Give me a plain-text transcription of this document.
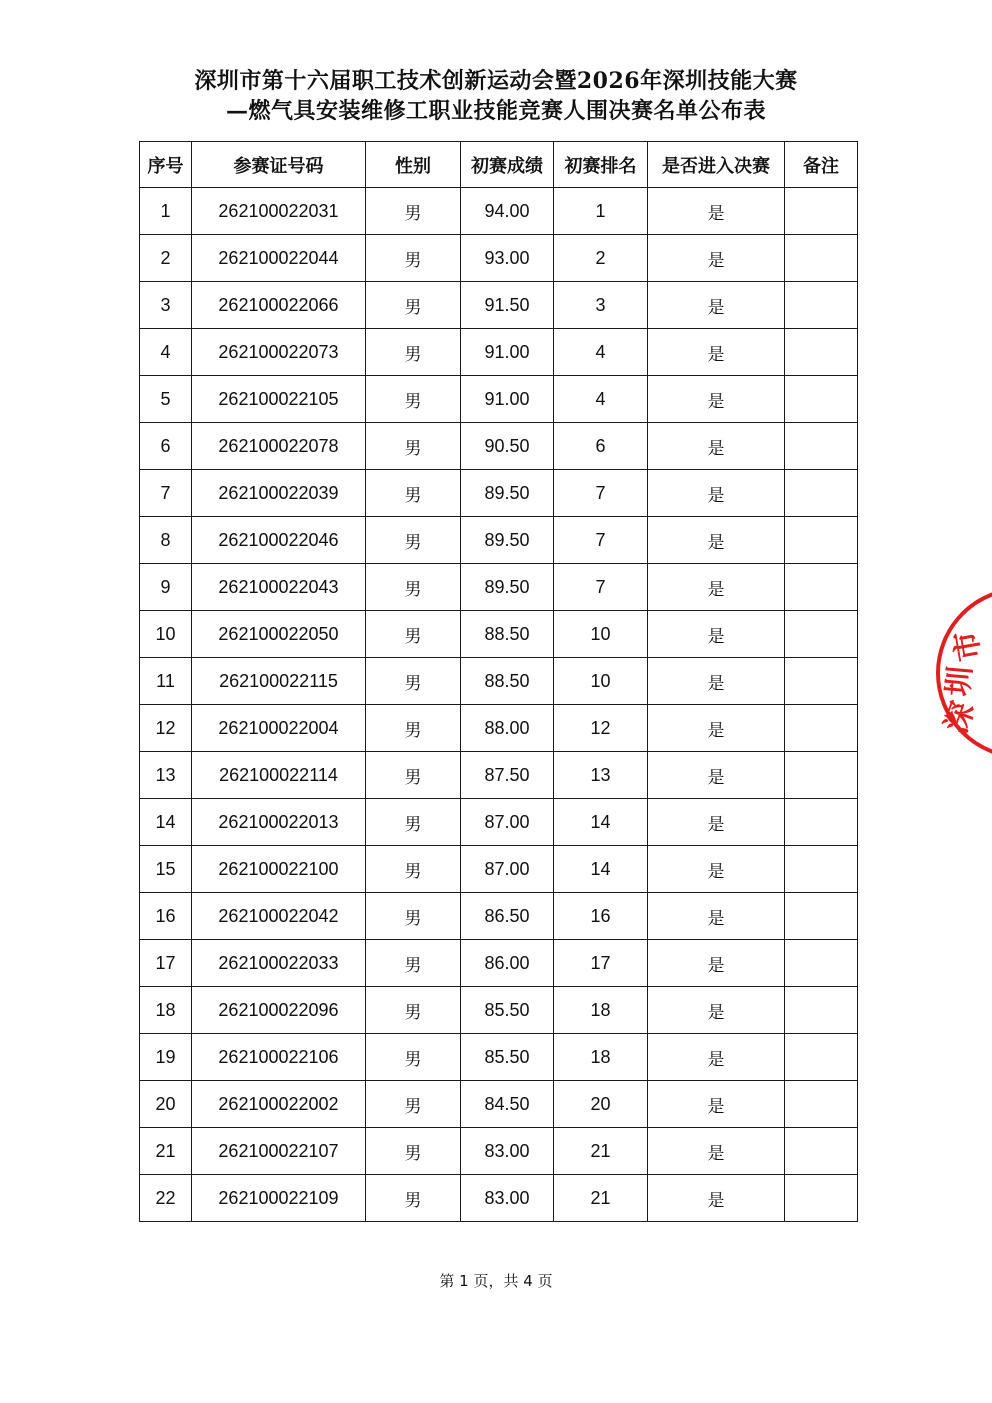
深圳市第十六届职工技术创新运动会暨2026年深圳技能大赛
—燃气具安装维修工职业技能竞赛人围决赛名单公布表
序号	参赛证号码	性别	初赛成绩	初赛排名	是否进入决赛	备注
1	262100022031	男	94.00	1	是	
2	262100022044	男	93.00	2	是	
3	262100022066	男	91.50	3	是	
4	262100022073	男	91.00	4	是	
5	262100022105	男	91.00	4	是	
6	262100022078	男	90.50	6	是	
7	262100022039	男	89.50	7	是	
8	262100022046	男	89.50	7	是	
9	262100022043	男	89.50	7	是	
10	262100022050	男	88.50	10	是	
11	262100022115	男	88.50	10	是	
12	262100022004	男	88.00	12	是	
13	262100022114	男	87.50	13	是	
14	262100022013	男	87.00	14	是	
15	262100022100	男	87.00	14	是	
16	262100022042	男	86.50	16	是	
17	262100022033	男	86.00	17	是	
18	262100022096	男	85.50	18	是	
19	262100022106	男	85.50	18	是	
20	262100022002	男	84.50	20	是	
21	262100022107	男	83.00	21	是	
22	262100022109	男	83.00	21	是	
第 1 页，共 4 页
深
圳
市
